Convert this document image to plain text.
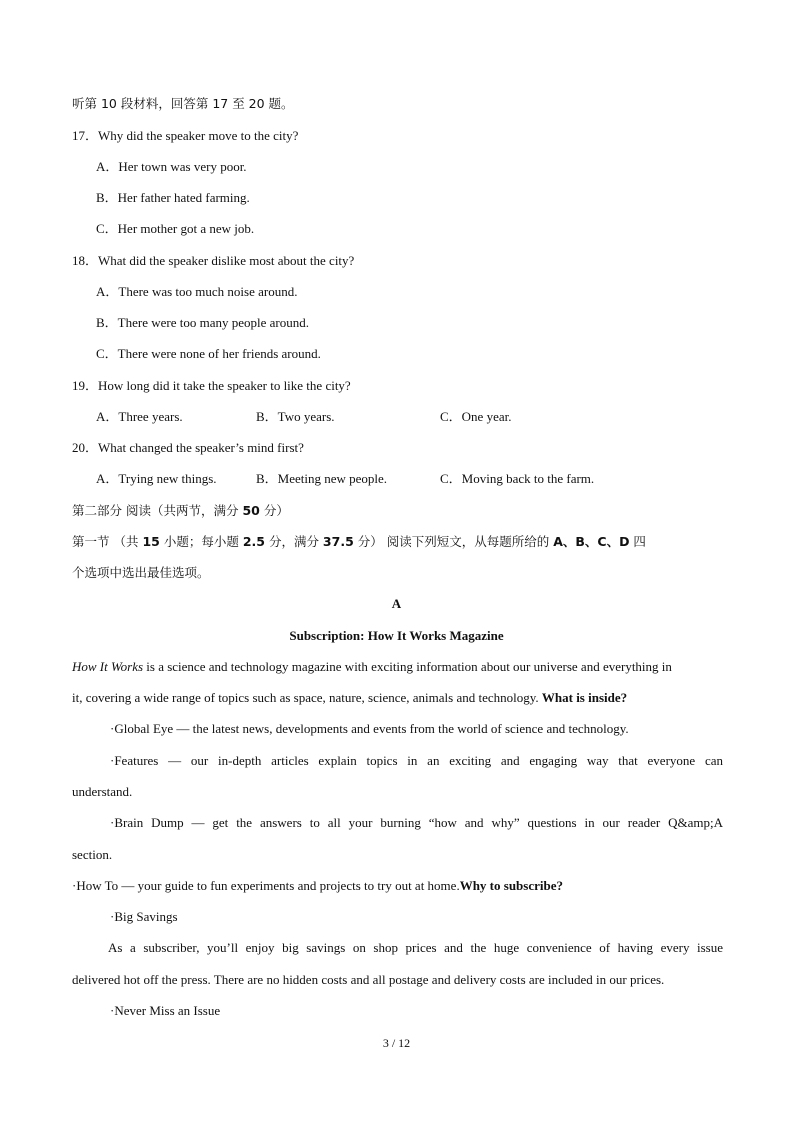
听第 10 段材料，回答第 17 至 20 题。
17．Why did the speaker move to the city?
A．Her town was very poor.
B．Her father hated farming.
C．Her mother got a new job.
18．What did the speaker dislike most about the city?
A．There was too much noise around.
B．There were too many people around.
C．There were none of her friends around.
19．How long did it take the speaker to like the city?
A．Three years.	B．Two years.	C．One year.
20．What changed the speaker’s mind first?
A．Trying new things.	B．Meeting new people.	C．Moving back to the farm.
第二部分 阅读（共两节，满分 50 分）
第一节 （共 15 小题；每小题 2.5 分，满分 37.5 分） 阅读下列短文，从每题所给的 A、B、C、D 四
个选项中选出最佳选项。
A
Subscription: How It Works Magazine
How It Works is a science and technology magazine with exciting information about our universe and everything in
it, covering a wide range of topics such as space, nature, science, animals and technology. What is inside?
·Global Eye — the latest news, developments and events from the world of science and technology.
·Features — our in-depth articles explain topics in an exciting and engaging way that everyone can
understand.
·Brain Dump — get the answers to all your burning “how and why” questions in our reader Q&amp;A
section.
·How To — your guide to fun experiments and projects to try out at home.Why to subscribe?
·Big Savings
As a subscriber, you’ll enjoy big savings on shop prices and the huge convenience of having every issue
delivered hot off the press. There are no hidden costs and all postage and delivery costs are included in our prices.
·Never Miss an Issue
3 / 12
